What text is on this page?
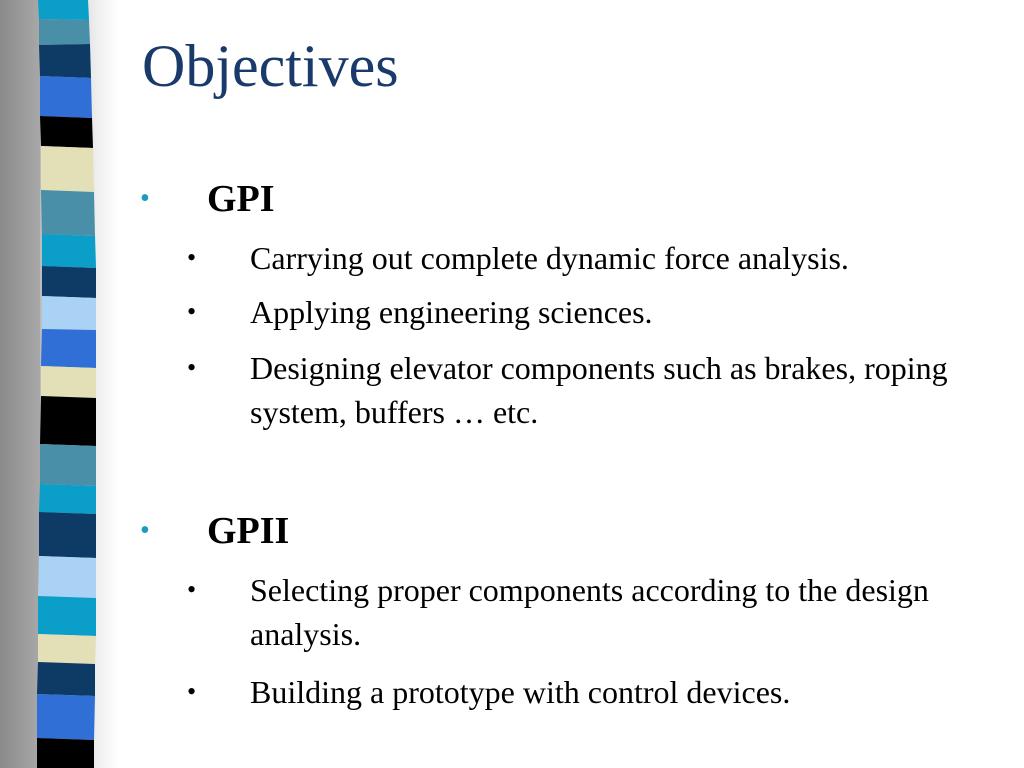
Objectives
• GPI
• Carrying out complete dynamic force analysis.
• Applying engineering sciences.
• Designing elevator components such as brakes, roping system, buffers … etc.
• GPII
• Selecting proper components according to the design analysis.
• Building a prototype with control devices.
